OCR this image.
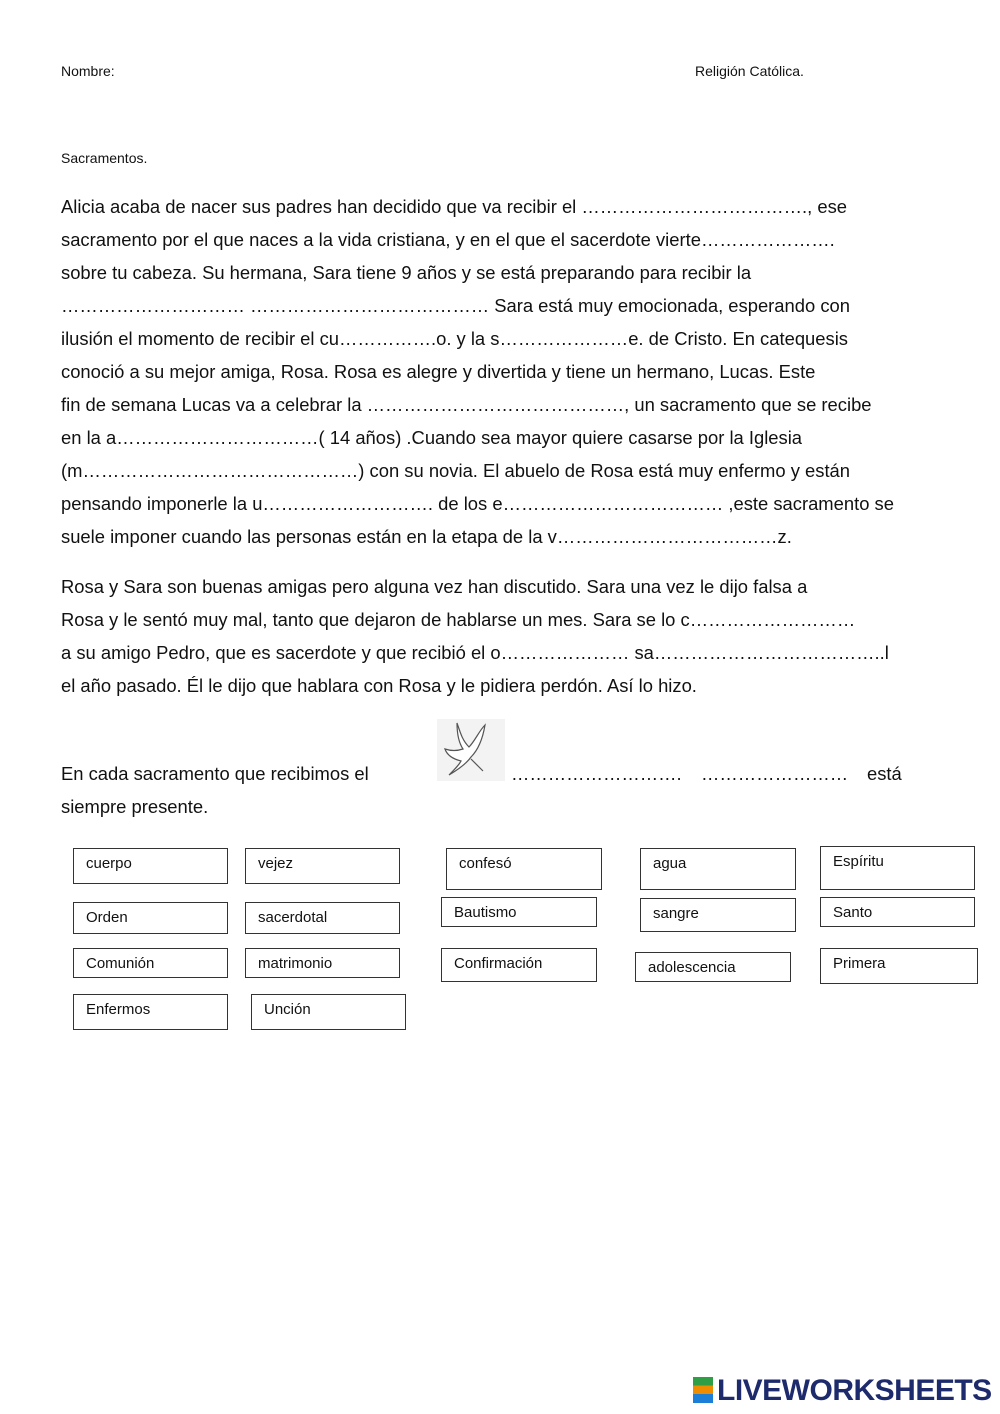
Nombre:	Religión Católica.
Sacramentos.
Alicia acaba de nacer sus padres han decidido que va recibir el ………………………………., ese
sacramento por el que naces a la vida cristiana, y en el que el sacerdote vierte………………….
sobre tu cabeza. Su hermana, Sara tiene 9 años y se está preparando para recibir la
………………………… ………………………………… Sara está muy emocionada, esperando con
ilusión el momento de recibir el cu…………….o. y la s…………………e. de Cristo. En catequesis
conoció a su mejor amiga, Rosa. Rosa es alegre y divertida y tiene un hermano, Lucas. Este
fin de semana Lucas va a celebrar la ……………………………………, un sacramento que se recibe
en la a……………………………( 14 años) .Cuando sea mayor quiere casarse por la Iglesia
(m………………………………………) con su novia. El abuelo de Rosa está muy enfermo y están
pensando imponerle la u………………………. de los e……………………………… ,este sacramento se
suele imponer cuando las personas están en la etapa de la v………………………………z.
Rosa y Sara son buenas amigas pero alguna vez han discutido. Sara una vez le dijo falsa a
Rosa y le sentó muy mal, tanto que dejaron de hablarse un mes. Sara se lo c………………………
a su amigo Pedro, que es sacerdote y que recibió el o………………… sa………………………………..l
el año pasado. Él le dijo que hablara con Rosa y le pidiera perdón. Así lo hizo.
En cada sacramento que recibimos el	………………………. …………………… está
siempre presente.
cuerpo	vejez	confesó	agua	Espíritu
Orden	sacerdotal	Bautismo	sangre	Santo
Comunión	matrimonio	Confirmación	adolescencia	Primera
Enfermos	Unción
LIVEWORKSHEETS
